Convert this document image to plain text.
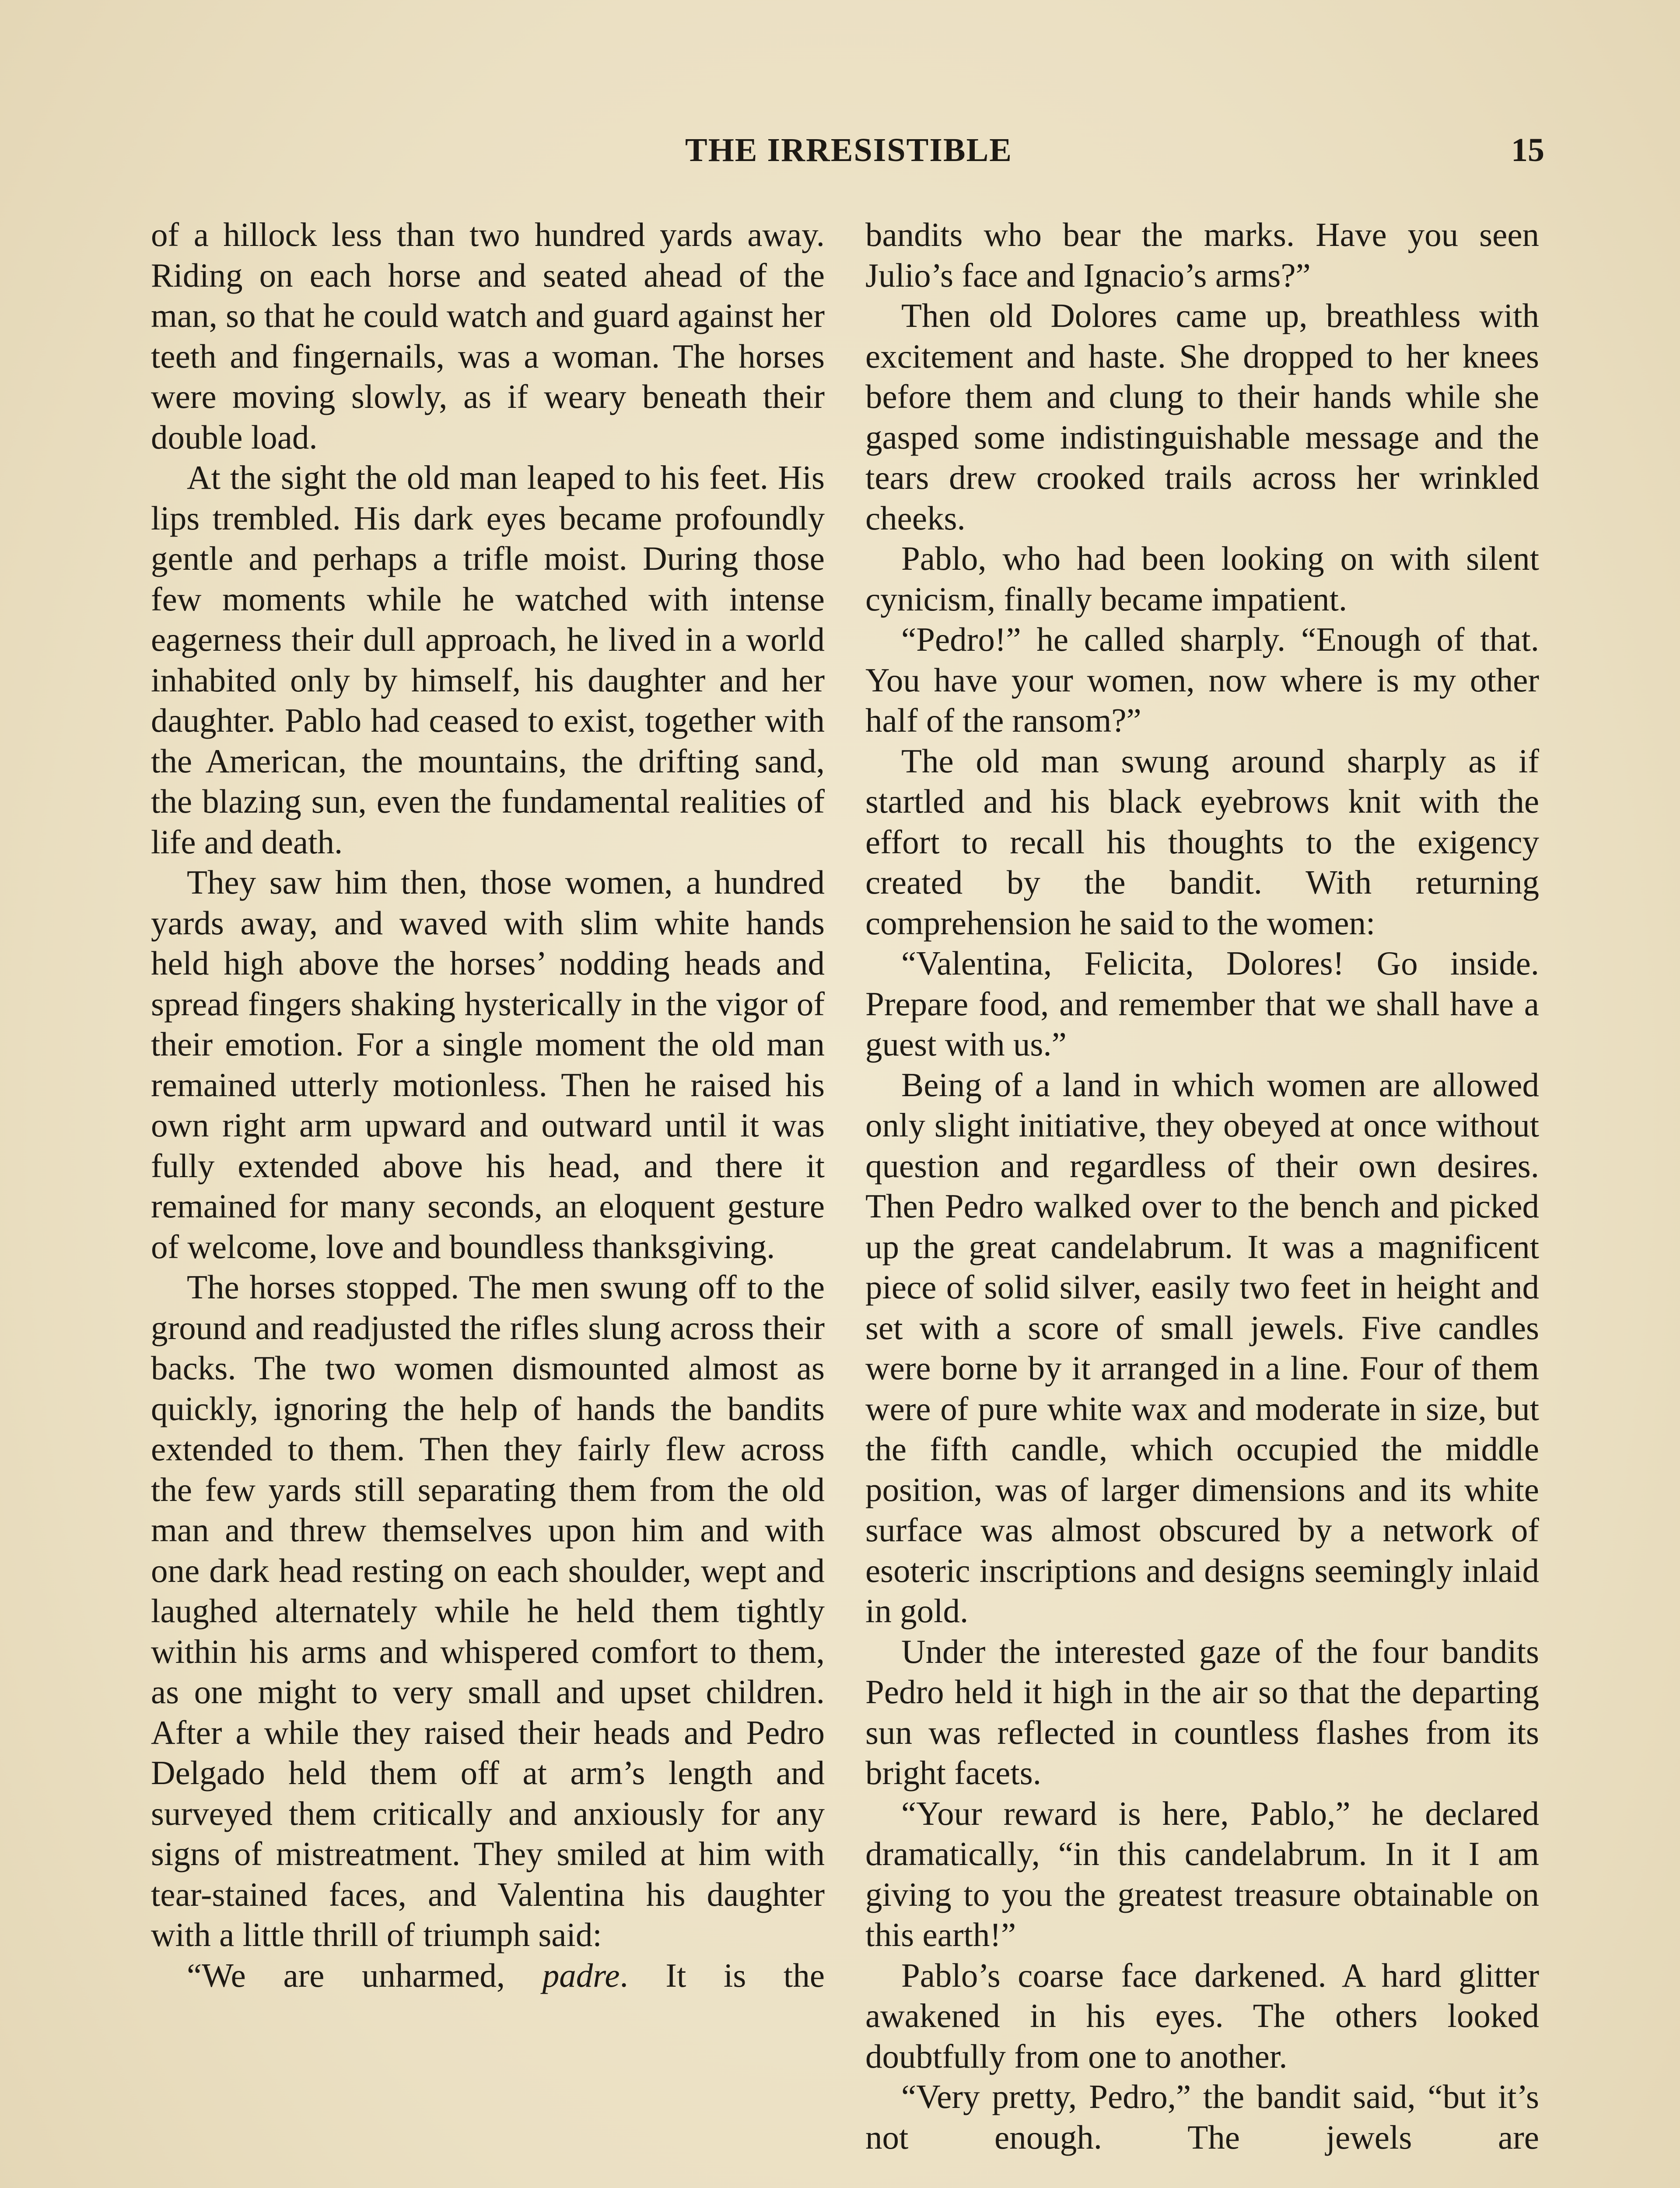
THE IRRESISTIBLE	15

of a hillock less than two hundred yards away. Riding on each horse and seated ahead of the man, so that he could watch and guard against her teeth and fingernails, was a woman. The horses were moving slowly, as if weary beneath their double load.

At the sight the old man leaped to his feet. His lips trembled. His dark eyes became profoundly gentle and perhaps a trifle moist. During those few moments while he watched with intense eagerness their dull approach, he lived in a world inhabited only by himself, his daughter and her daughter. Pablo had ceased to exist, together with the American, the mountains, the drifting sand, the blazing sun, even the fundamental realities of life and death.

They saw him then, those women, a hundred yards away, and waved with slim white hands held high above the horses’ nodding heads and spread fingers shaking hysterically in the vigor of their emotion. For a single moment the old man remained utterly motionless. Then he raised his own right arm upward and outward until it was fully extended above his head, and there it remained for many seconds, an eloquent gesture of welcome, love and boundless thanksgiving.

The horses stopped. The men swung off to the ground and readjusted the rifles slung across their backs. The two women dismounted almost as quickly, ignoring the help of hands the bandits extended to them. Then they fairly flew across the few yards still separating them from the old man and threw themselves upon him and with one dark head resting on each shoulder, wept and laughed alternately while he held them tightly within his arms and whispered comfort to them, as one might to very small and upset children. After a while they raised their heads and Pedro Delgado held them off at arm’s length and surveyed them critically and anxiously for any signs of mistreatment. They smiled at him with tear-stained faces, and Valentina his daughter with a little thrill of triumph said:

“We are unharmed, padre. It is the

bandits who bear the marks. Have you seen Julio’s face and Ignacio’s arms?”

Then old Dolores came up, breathless with excitement and haste. She dropped to her knees before them and clung to their hands while she gasped some indistinguishable message and the tears drew crooked trails across her wrinkled cheeks.

Pablo, who had been looking on with silent cynicism, finally became impatient.

“Pedro!” he called sharply. “Enough of that. You have your women, now where is my other half of the ransom?”

The old man swung around sharply as if startled and his black eyebrows knit with the effort to recall his thoughts to the exigency created by the bandit. With returning comprehension he said to the women:

“Valentina, Felicita, Dolores! Go inside. Prepare food, and remember that we shall have a guest with us.”

Being of a land in which women are allowed only slight initiative, they obeyed at once without question and regardless of their own desires. Then Pedro walked over to the bench and picked up the great candelabrum. It was a magnificent piece of solid silver, easily two feet in height and set with a score of small jewels. Five candles were borne by it arranged in a line. Four of them were of pure white wax and moderate in size, but the fifth candle, which occupied the middle position, was of larger dimensions and its white surface was almost obscured by a network of esoteric inscriptions and designs seemingly inlaid in gold.

Under the interested gaze of the four bandits Pedro held it high in the air so that the departing sun was reflected in countless flashes from its bright facets.

“Your reward is here, Pablo,” he declared dramatically, “in this candelabrum. In it I am giving to you the greatest treasure obtainable on this earth!”

Pablo’s coarse face darkened. A hard glitter awakened in his eyes. The others looked doubtfully from one to another.

“Very pretty, Pedro,” the bandit said, “but it’s not enough. The jewels are
